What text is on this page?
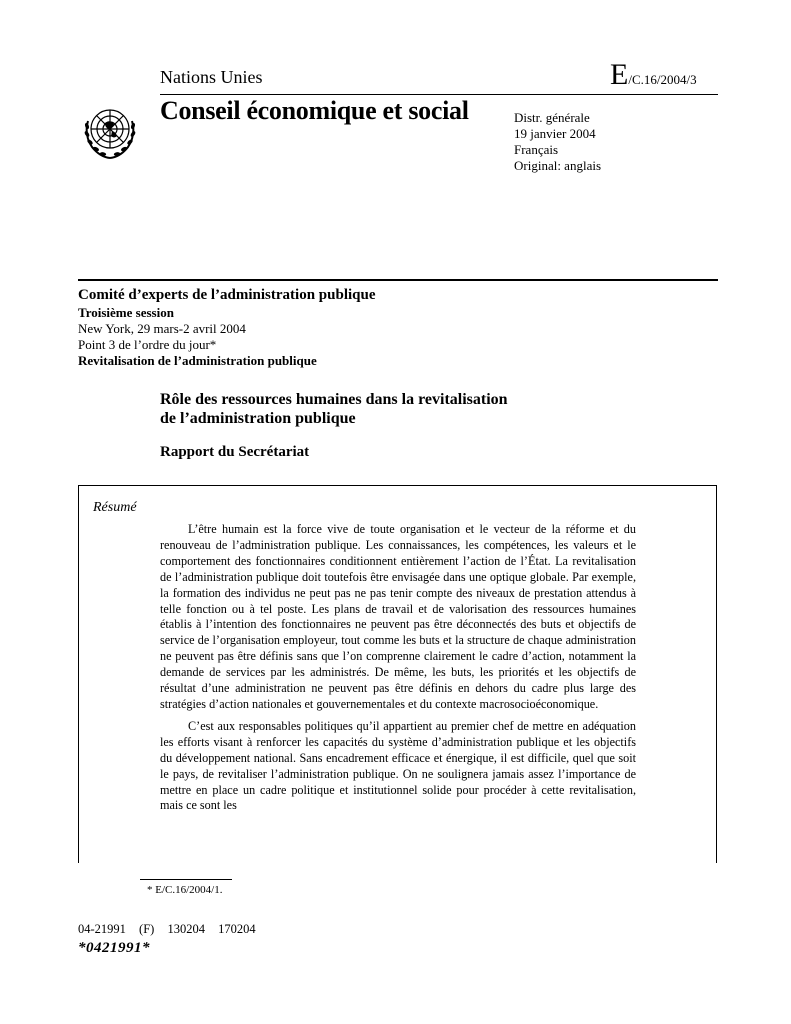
Nations Unies	E/C.16/2004/3
Conseil économique et social	Distr. générale
19 janvier 2004
Français
Original: anglais
Comité d’experts de l’administration publique
Troisième session
New York, 29 mars-2 avril 2004
Point 3 de l’ordre du jour*
Revitalisation de l’administration publique
Rôle des ressources humaines dans la revitalisation
de l’administration publique
Rapport du Secrétariat
Résumé

L’être humain est la force vive de toute organisation et le vecteur de la réforme et du renouveau de l’administration publique. Les connaissances, les compétences, les valeurs et le comportement des fonctionnaires conditionnent entièrement l’action de l’État. La revitalisation de l’administration publique doit toutefois être envisagée dans une optique globale. Par exemple, la formation des individus ne peut pas ne pas tenir compte des niveaux de prestation attendus à telle fonction ou à tel poste. Les plans de travail et de valorisation des ressources humaines établis à l’intention des fonctionnaires ne peuvent pas être déconnectés des buts et objectifs de service de l’organisation employeur, tout comme les buts et la structure de chaque administration ne peuvent pas être définis sans que l’on comprenne clairement le cadre d’action, notamment la demande de services par les administrés. De même, les buts, les priorités et les objectifs de résultat d’une administration ne peuvent pas être définis en dehors du cadre plus large des stratégies d’action nationales et gouvernementales et du contexte macrosocioéconomique.

C’est aux responsables politiques qu’il appartient au premier chef de mettre en adéquation les efforts visant à renforcer les capacités du système d’administration publique et les objectifs du développement national. Sans encadrement efficace et énergique, il est difficile, quel que soit le pays, de revitaliser l’administration publique. On ne soulignera jamais assez l’importance de mettre en place un cadre politique et institutionnel solide pour procéder à cette revitalisation, mais ce sont les

* E/C.16/2004/1.
04-21991 (F) 130204 170204
*0421991*
